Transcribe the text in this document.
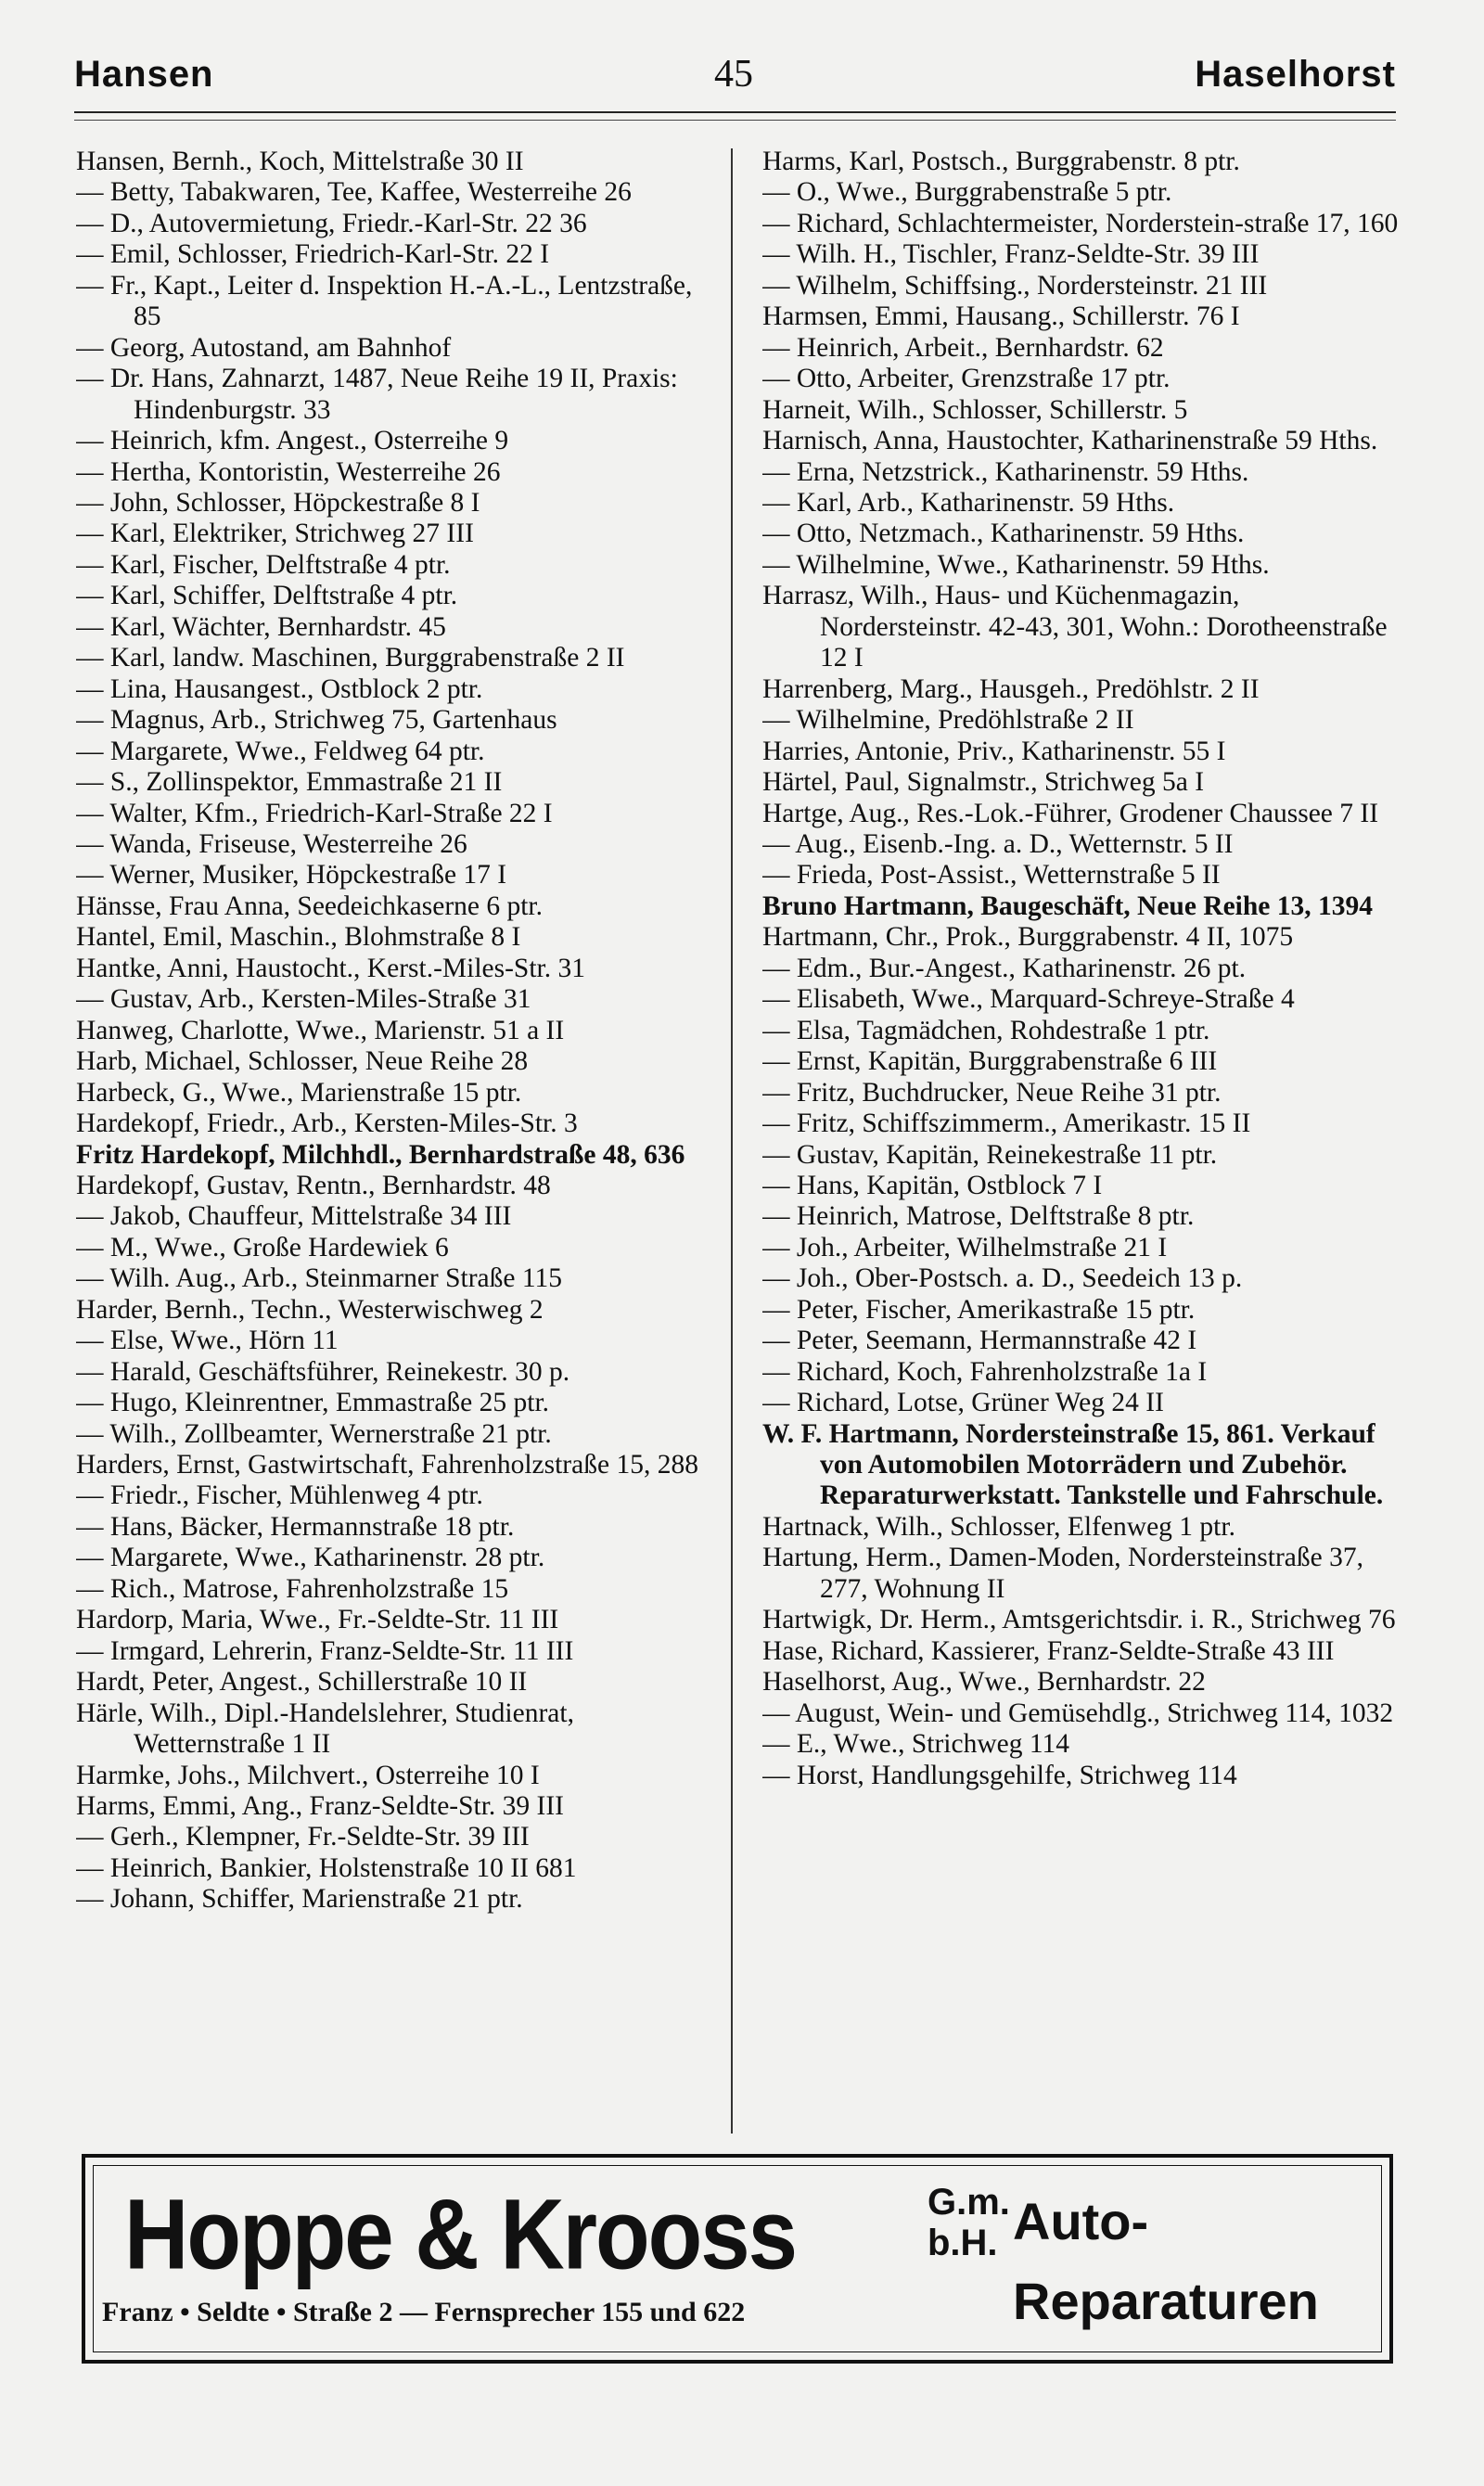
Hansen	45	Haselhorst
Hansen, Bernh., Koch, Mittelstraße 30 II
— Betty, Tabakwaren, Tee, Kaffee, Westerreihe 26
— D., Autovermietung, Friedr.-Karl-Str. 22 36
— Emil, Schlosser, Friedrich-Karl-Str. 22 I
— Fr., Kapt., Leiter d. Inspektion H.-A.-L., Lentzstraße, 85
— Georg, Autostand, am Bahnhof
— Dr. Hans, Zahnarzt, 1487, Neue Reihe 19 II, Praxis: Hindenburgstr. 33
— Heinrich, kfm. Angest., Osterreihe 9
— Hertha, Kontoristin, Westerreihe 26
— John, Schlosser, Höpckestraße 8 I
— Karl, Elektriker, Strichweg 27 III
— Karl, Fischer, Delftstraße 4 ptr.
— Karl, Schiffer, Delftstraße 4 ptr.
— Karl, Wächter, Bernhardstr. 45
— Karl, landw. Maschinen, Burggrabenstraße 2 II
— Lina, Hausangest., Ostblock 2 ptr.
— Magnus, Arb., Strichweg 75, Gartenhaus
— Margarete, Wwe., Feldweg 64 ptr.
— S., Zollinspektor, Emmastraße 21 II
— Walter, Kfm., Friedrich-Karl-Straße 22 I
— Wanda, Friseuse, Westerreihe 26
— Werner, Musiker, Höpckestraße 17 I
Hänsse, Frau Anna, Seedeichkaserne 6 ptr.
Hantel, Emil, Maschin., Blohmstraße 8 I
Hantke, Anni, Haustocht., Kerst.-Miles-Str. 31
— Gustav, Arb., Kersten-Miles-Straße 31
Hanweg, Charlotte, Wwe., Marienstr. 51 a II
Harb, Michael, Schlosser, Neue Reihe 28
Harbeck, G., Wwe., Marienstraße 15 ptr.
Hardekopf, Friedr., Arb., Kersten-Miles-Str. 3
Fritz Hardekopf, Milchhdl., Bernhardstraße 48, 636
Hardekopf, Gustav, Rentn., Bernhardstr. 48
— Jakob, Chauffeur, Mittelstraße 34 III
— M., Wwe., Große Hardewiek 6
— Wilh. Aug., Arb., Steinmarner Straße 115
Harder, Bernh., Techn., Westerwischweg 2
— Else, Wwe., Hörn 11
— Harald, Geschäftsführer, Reinekestr. 30 p.
— Hugo, Kleinrentner, Emmastraße 25 ptr.
— Wilh., Zollbeamter, Wernerstraße 21 ptr.
Harders, Ernst, Gastwirtschaft, Fahrenholzstraße 15, 288
— Friedr., Fischer, Mühlenweg 4 ptr.
— Hans, Bäcker, Hermannstraße 18 ptr.
— Margarete, Wwe., Katharinenstr. 28 ptr.
— Rich., Matrose, Fahrenholzstraße 15
Hardorp, Maria, Wwe., Fr.-Seldte-Str. 11 III
— Irmgard, Lehrerin, Franz-Seldte-Str. 11 III
Hardt, Peter, Angest., Schillerstraße 10 II
Härle, Wilh., Dipl.-Handelslehrer, Studienrat, Wetternstraße 1 II
Harmke, Johs., Milchvert., Osterreihe 10 I
Harms, Emmi, Ang., Franz-Seldte-Str. 39 III
— Gerh., Klempner, Fr.-Seldte-Str. 39 III
— Heinrich, Bankier, Holstenstraße 10 II 681
— Johann, Schiffer, Marienstraße 21 ptr.
Harms, Karl, Postsch., Burggrabenstr. 8 ptr.
— O., Wwe., Burggrabenstraße 5 ptr.
— Richard, Schlachtermeister, Norderstein-straße 17, 160
— Wilh. H., Tischler, Franz-Seldte-Str. 39 III
— Wilhelm, Schiffsing., Nordersteinstr. 21 III
Harmsen, Emmi, Hausang., Schillerstr. 76 I
— Heinrich, Arbeit., Bernhardstr. 62
— Otto, Arbeiter, Grenzstraße 17 ptr.
Harneit, Wilh., Schlosser, Schillerstr. 5
Harnisch, Anna, Haustochter, Katharinenstraße 59 Hths.
— Erna, Netzstrick., Katharinenstr. 59 Hths.
— Karl, Arb., Katharinenstr. 59 Hths.
— Otto, Netzmach., Katharinenstr. 59 Hths.
— Wilhelmine, Wwe., Katharinenstr. 59 Hths.
Harrasz, Wilh., Haus- und Küchenmagazin, Nordersteinstr. 42-43, 301, Wohn.: Dorotheenstraße 12 I
Harrenberg, Marg., Hausgeh., Predöhlstr. 2 II
— Wilhelmine, Predöhlstraße 2 II
Harries, Antonie, Priv., Katharinenstr. 55 I
Härtel, Paul, Signalmstr., Strichweg 5a I
Hartge, Aug., Res.-Lok.-Führer, Grodener Chaussee 7 II
— Aug., Eisenb.-Ing. a. D., Wetternstr. 5 II
— Frieda, Post-Assist., Wetternstraße 5 II
Bruno Hartmann, Baugeschäft, Neue Reihe 13, 1394
Hartmann, Chr., Prok., Burggrabenstr. 4 II, 1075
— Edm., Bur.-Angest., Katharinenstr. 26 pt.
— Elisabeth, Wwe., Marquard-Schreye-Straße 4
— Elsa, Tagmädchen, Rohdestraße 1 ptr.
— Ernst, Kapitän, Burggrabenstraße 6 III
— Fritz, Buchdrucker, Neue Reihe 31 ptr.
— Fritz, Schiffszimmerm., Amerikastr. 15 II
— Gustav, Kapitän, Reinekestraße 11 ptr.
— Hans, Kapitän, Ostblock 7 I
— Heinrich, Matrose, Delftstraße 8 ptr.
— Joh., Arbeiter, Wilhelmstraße 21 I
— Joh., Ober-Postsch. a. D., Seedeich 13 p.
— Peter, Fischer, Amerikastraße 15 ptr.
— Peter, Seemann, Hermannstraße 42 I
— Richard, Koch, Fahrenholzstraße 1a I
— Richard, Lotse, Grüner Weg 24 II
W. F. Hartmann, Nordersteinstraße 15, 861. Verkauf von Automobilen Motorrädern und Zubehör. Reparaturwerkstatt. Tankstelle und Fahrschule.
Hartnack, Wilh., Schlosser, Elfenweg 1 ptr.
Hartung, Herm., Damen-Moden, Nordersteinstraße 37, 277, Wohnung II
Hartwigk, Dr. Herm., Amtsgerichtsdir. i. R., Strichweg 76
Hase, Richard, Kassierer, Franz-Seldte-Straße 43 III
Haselhorst, Aug., Wwe., Bernhardstr. 22
— August, Wein- und Gemüsehdlg., Strichweg 114, 1032
— E., Wwe., Strichweg 114
— Horst, Handlungsgehilfe, Strichweg 114
Hoppe & Krooss	G.m.
b.H. Auto-
Reparaturen
Franz • Seldte • Straße 2 — Fernsprecher 155 und 622
